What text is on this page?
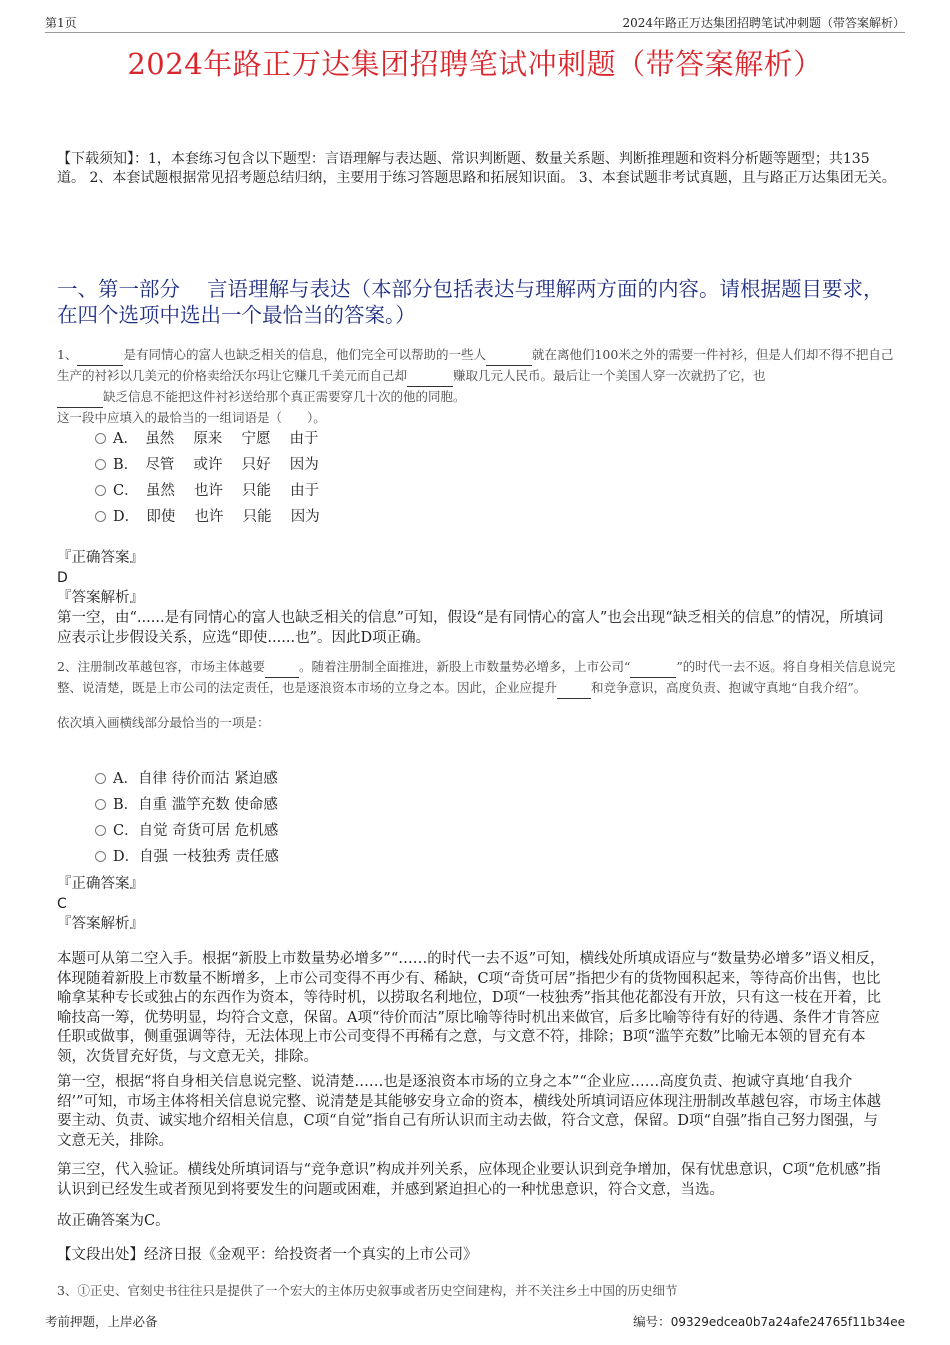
第1页	2024年路正万达集团招聘笔试冲刺题（带答案解析）
2024年路正万达集团招聘笔试冲刺题（带答案解析）
【下载须知】：1，本套练习包含以下题型：言语理解与表达题、常识判断题、数量关系题、判断推理题和资料分析题等题型；共135道。 2、本套试题根据常见招考题总结归纳，主要用于练习答题思路和拓展知识面。 3、本套试题非考试真题，且与路正万达集团无关。
一、第一部分　 言语理解与表达（本部分包括表达与理解两方面的内容。请根据题目要求，在四个选项中选出一个最恰当的答案。）
1、	是有同情心的富人也缺乏相关的信息，他们完全可以帮助的一些人	就在离他们100米之外的需要一件衬衫，但是人们却不得不把自己生产的衬衫以几美元的价格卖给沃尔玛让它赚几千美元而自己却	赚取几元人民币。最后让一个美国人穿一次就扔了它，也
缺乏信息不能把这件衬衫送给那个真正需要穿几十次的他的同胞。
这一段中应填入的最恰当的一组词语是（　　）。
A．　虽然　 原来　 宁愿　 由于
B．　尽管　 或许　 只好　 因为
C．　虽然　 也许　 只能　 由于
D．　即使　 也许　 只能　 因为
『正确答案』
D
『答案解析』
第一空，由“......是有同情心的富人也缺乏相关的信息”可知，假设“是有同情心的富人”也会出现“缺乏相关的信息”的情况，所填词应表示让步假设关系，应选“即使......也”。因此D项正确。
2、注册制改革越包容，市场主体越要	。随着注册制全面推进，新股上市数量势必增多，上市公司“	”的时代一去不返。将自身相关信息说完整、说清楚，既是上市公司的法定责任，也是逐浪资本市场的立身之本。因此，企业应提升	和竞争意识，高度负责、抱诚守真地“自我介绍”。
依次填入画横线部分最恰当的一项是：
A．自律 待价而沽 紧迫感
B．自重 滥竽充数 使命感
C．自觉 奇货可居 危机感
D．自强 一枝独秀 责任感
『正确答案』
C
『答案解析』
本题可从第二空入手。根据“新股上市数量势必增多”“……的时代一去不返”可知，横线处所填成语应与“数量势必增多”语义相反，体现随着新股上市数量不断增多，上市公司变得不再少有、稀缺，C项“奇货可居”指把少有的货物囤积起来，等待高价出售，也比喻拿某种专长或独占的东西作为资本，等待时机，以捞取名利地位，D项“一枝独秀”指其他花都没有开放，只有这一枝在开着，比喻技高一筹，优势明显，均符合文意，保留。A项“待价而沽”原比喻等待时机出来做官，后多比喻等待有好的待遇、条件才肯答应任职或做事，侧重强调等待，无法体现上市公司变得不再稀有之意，与文意不符，排除；B项“滥竽充数”比喻无本领的冒充有本领，次货冒充好货，与文意无关，排除。
第一空，根据“将自身相关信息说完整、说清楚……也是逐浪资本市场的立身之本”“企业应……高度负责、抱诚守真地‘自我介绍’”可知，市场主体将相关信息说完整、说清楚是其能够安身立命的资本，横线处所填词语应体现注册制改革越包容，市场主体越要主动、负责、诚实地介绍相关信息，C项“自觉”指自己有所认识而主动去做，符合文意，保留。D项“自强”指自己努力图强，与文意无关，排除。
第三空，代入验证。横线处所填词语与“竞争意识”构成并列关系，应体现企业要认识到竞争增加，保有忧患意识，C项“危机感”指认识到已经发生或者预见到将要发生的问题或困难，并感到紧迫担心的一种忧患意识，符合文意，当选。
故正确答案为C。
【文段出处】经济日报《金观平：给投资者一个真实的上市公司》
3、①正史、官刻史书往往只是提供了一个宏大的主体历史叙事或者历史空间建构，并不关注乡土中国的历史细节
考前押题，上岸必备	编号：09329edcea0b7a24afe24765f11b34ee
